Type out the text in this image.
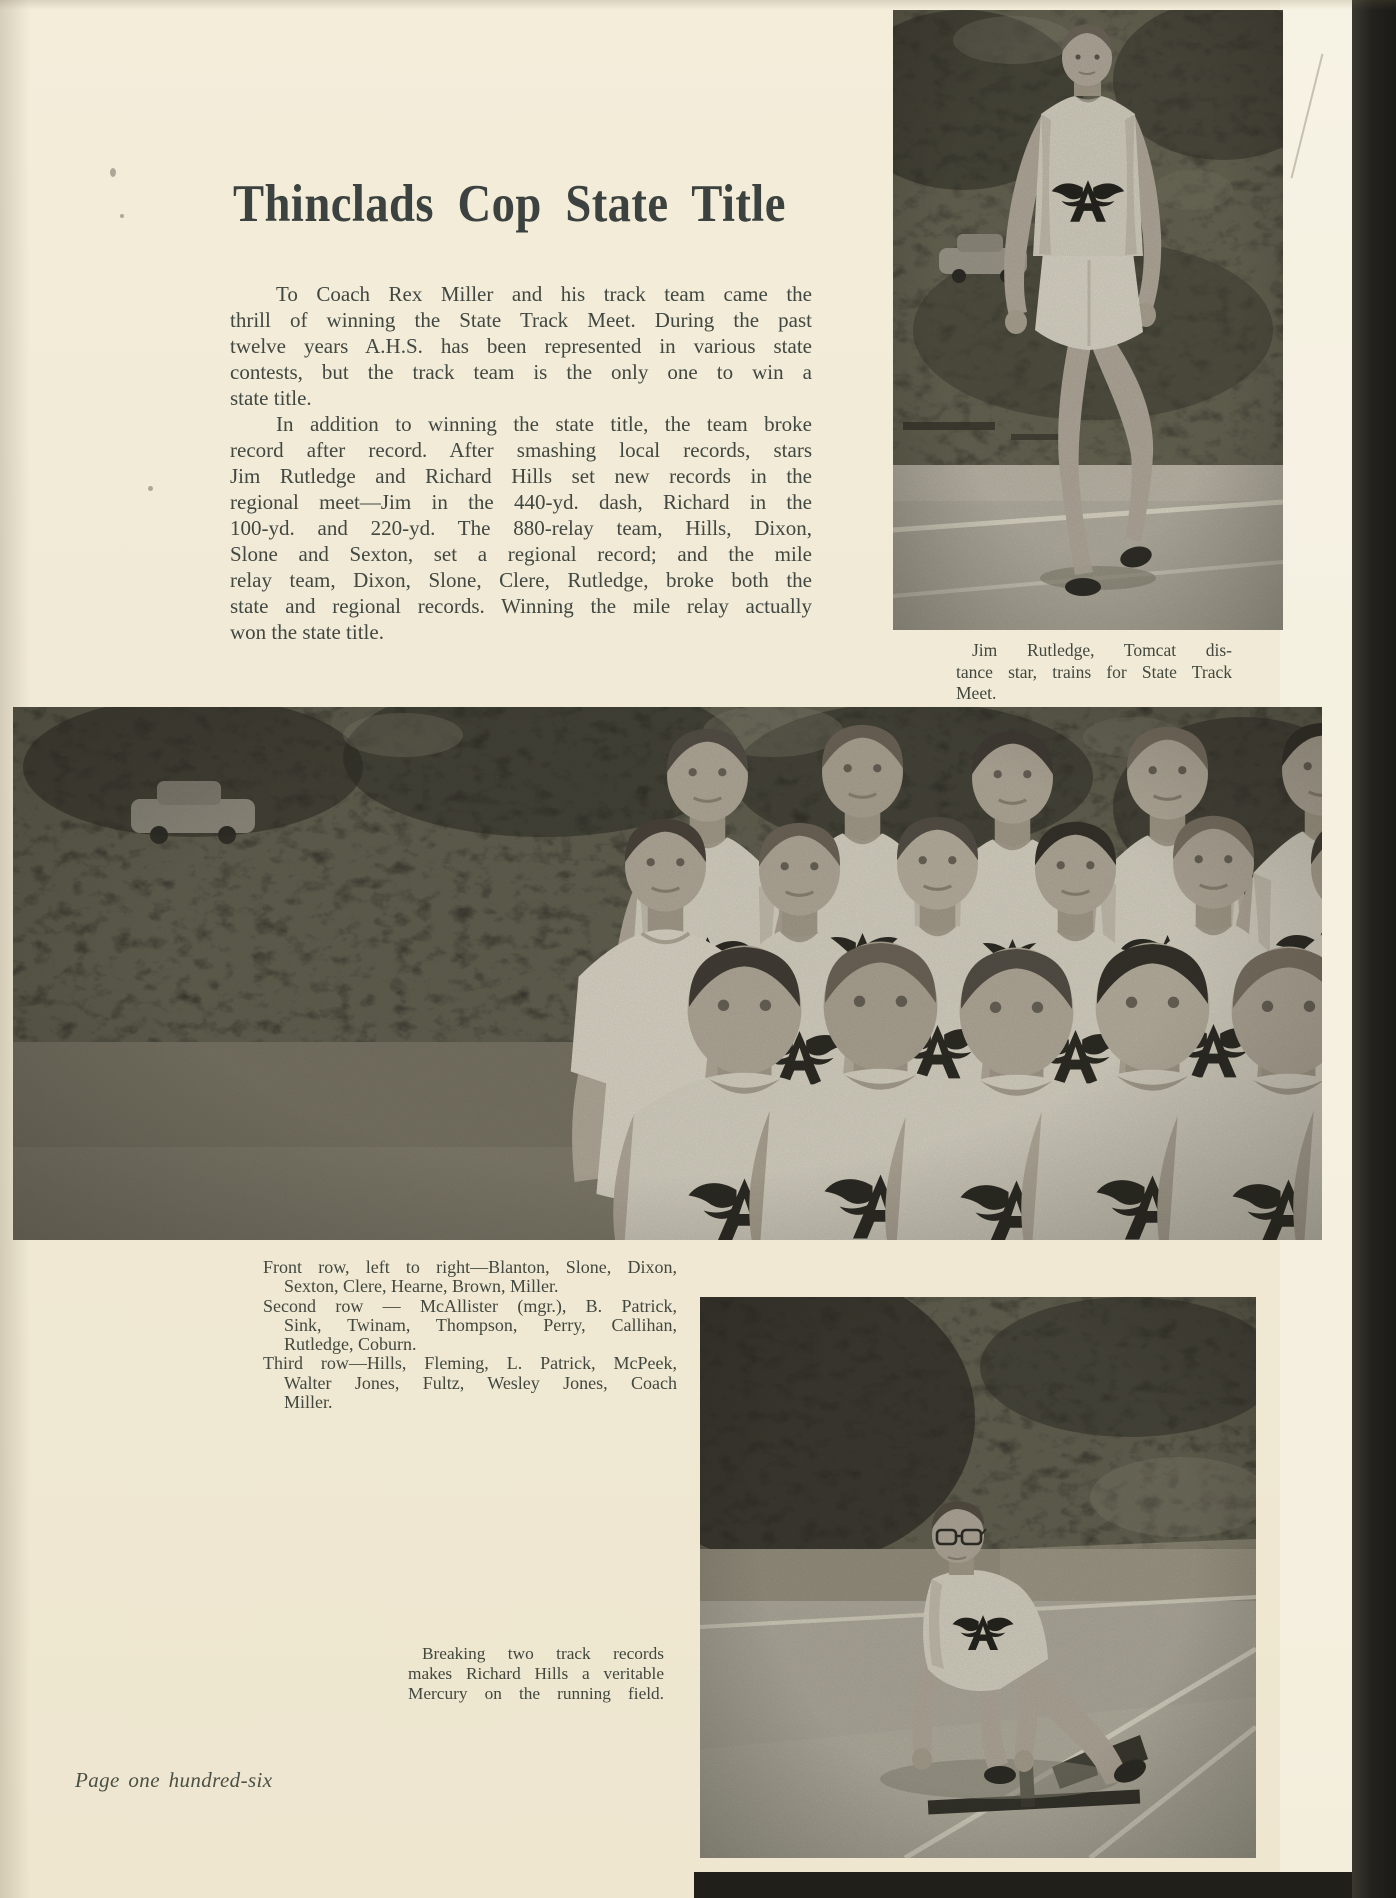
Thinclads Cop State Title
To Coach Rex Miller and his track team came the
thrill of winning the State Track Meet. During the past
twelve years A.H.S. has been represented in various state
contests, but the track team is the only one to win a
state title.
In addition to winning the state title, the team broke
record after record. After smashing local records, stars
Jim Rutledge and Richard Hills set new records in the
regional meet—Jim in the 440-yd. dash, Richard in the
100-yd. and 220-yd. The 880-relay team, Hills, Dixon,
Slone and Sexton, set a regional record; and the mile
relay team, Dixon, Slone, Clere, Rutledge, broke both the
state and regional records. Winning the mile relay actually
won the state title.
Jim Rutledge, Tomcat dis-
tance star, trains for State Track
Meet.
Front row, left to right—Blanton, Slone, Dixon,
Sexton, Clere, Hearne, Brown, Miller.
Second row — McAllister (mgr.), B. Patrick,
Sink, Twinam, Thompson, Perry, Callihan,
Rutledge, Coburn.
Third row—Hills, Fleming, L. Patrick, McPeek,
Walter Jones, Fultz, Wesley Jones, Coach
Miller.
Breaking two track records
makes Richard Hills a veritable
Mercury on the running field.
Page one hundred-six
